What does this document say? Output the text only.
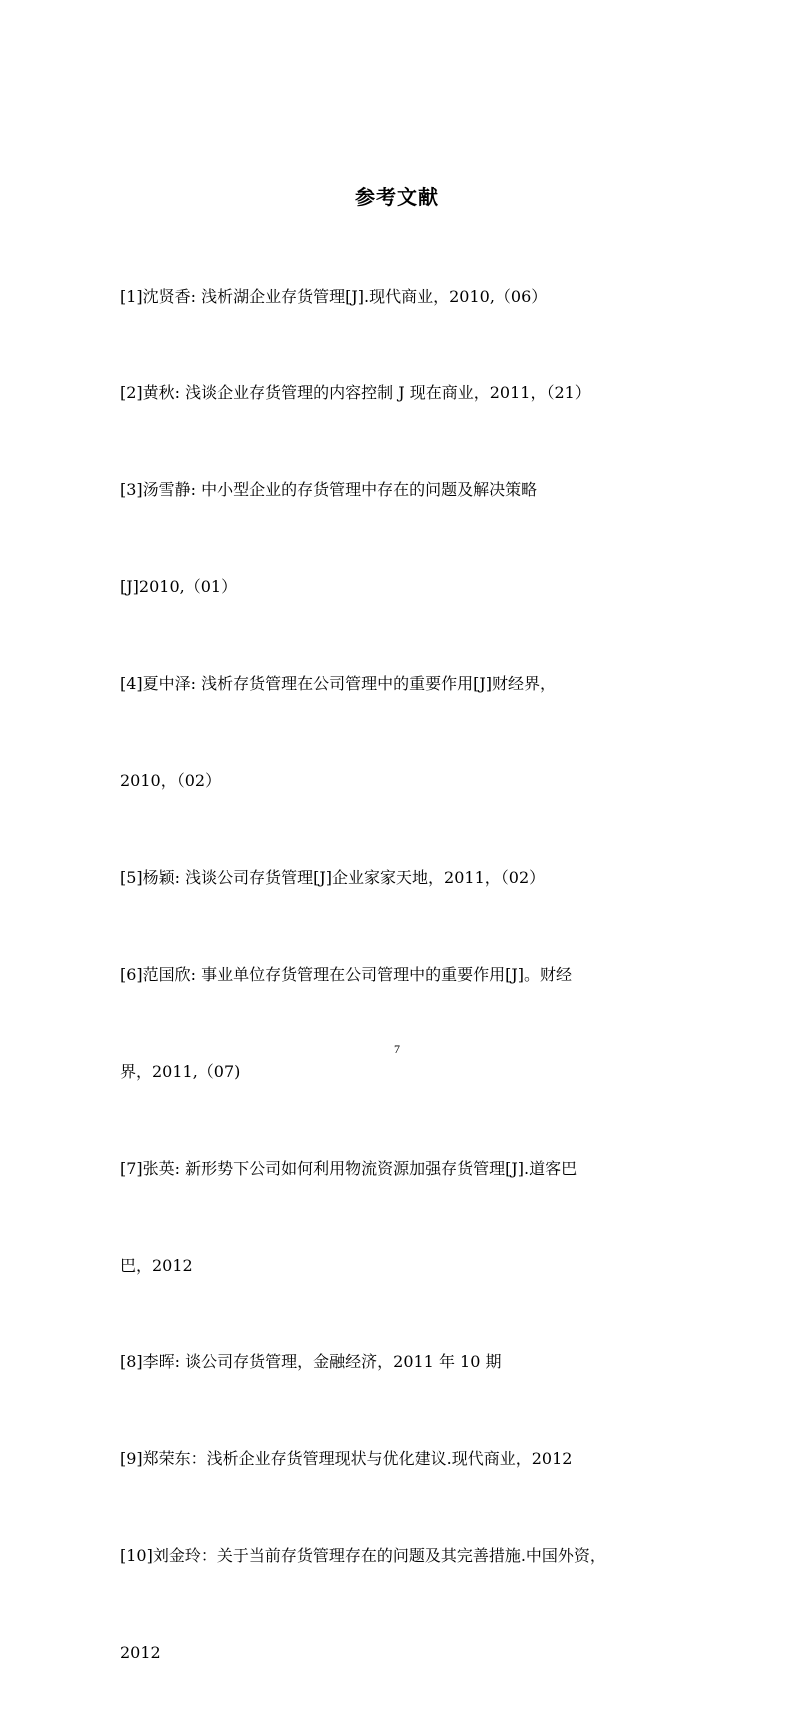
参考文献

[1]沈贤香: 浅析湖企业存货管理[J].现代商业，2010,（06）

[2]黄秋: 浅谈企业存货管理的内容控制 J 现在商业，2011，（21）

[3]汤雪静: 中小型企业的存货管理中存在的问题及解决策略

[J]2010,（01）

[4]夏中泽: 浅析存货管理在公司管理中的重要作用[J]财经界，

2010，（02）

[5]杨颖: 浅谈公司存货管理[J]企业家家天地，2011，（02）

[6]范国欣: 事业单位存货管理在公司管理中的重要作用[J]。财经

界，2011,（07)

[7]张英: 新形势下公司如何利用物流资源加强存货管理[J].道客巴

巴，2012

[8]李晖: 谈公司存货管理，金融经济，2011 年 10 期

[9]郑荣东：浅析企业存货管理现状与优化建议.现代商业，2012

[10]刘金玲：关于当前存货管理存在的问题及其完善措施.中国外资，

2012

7
